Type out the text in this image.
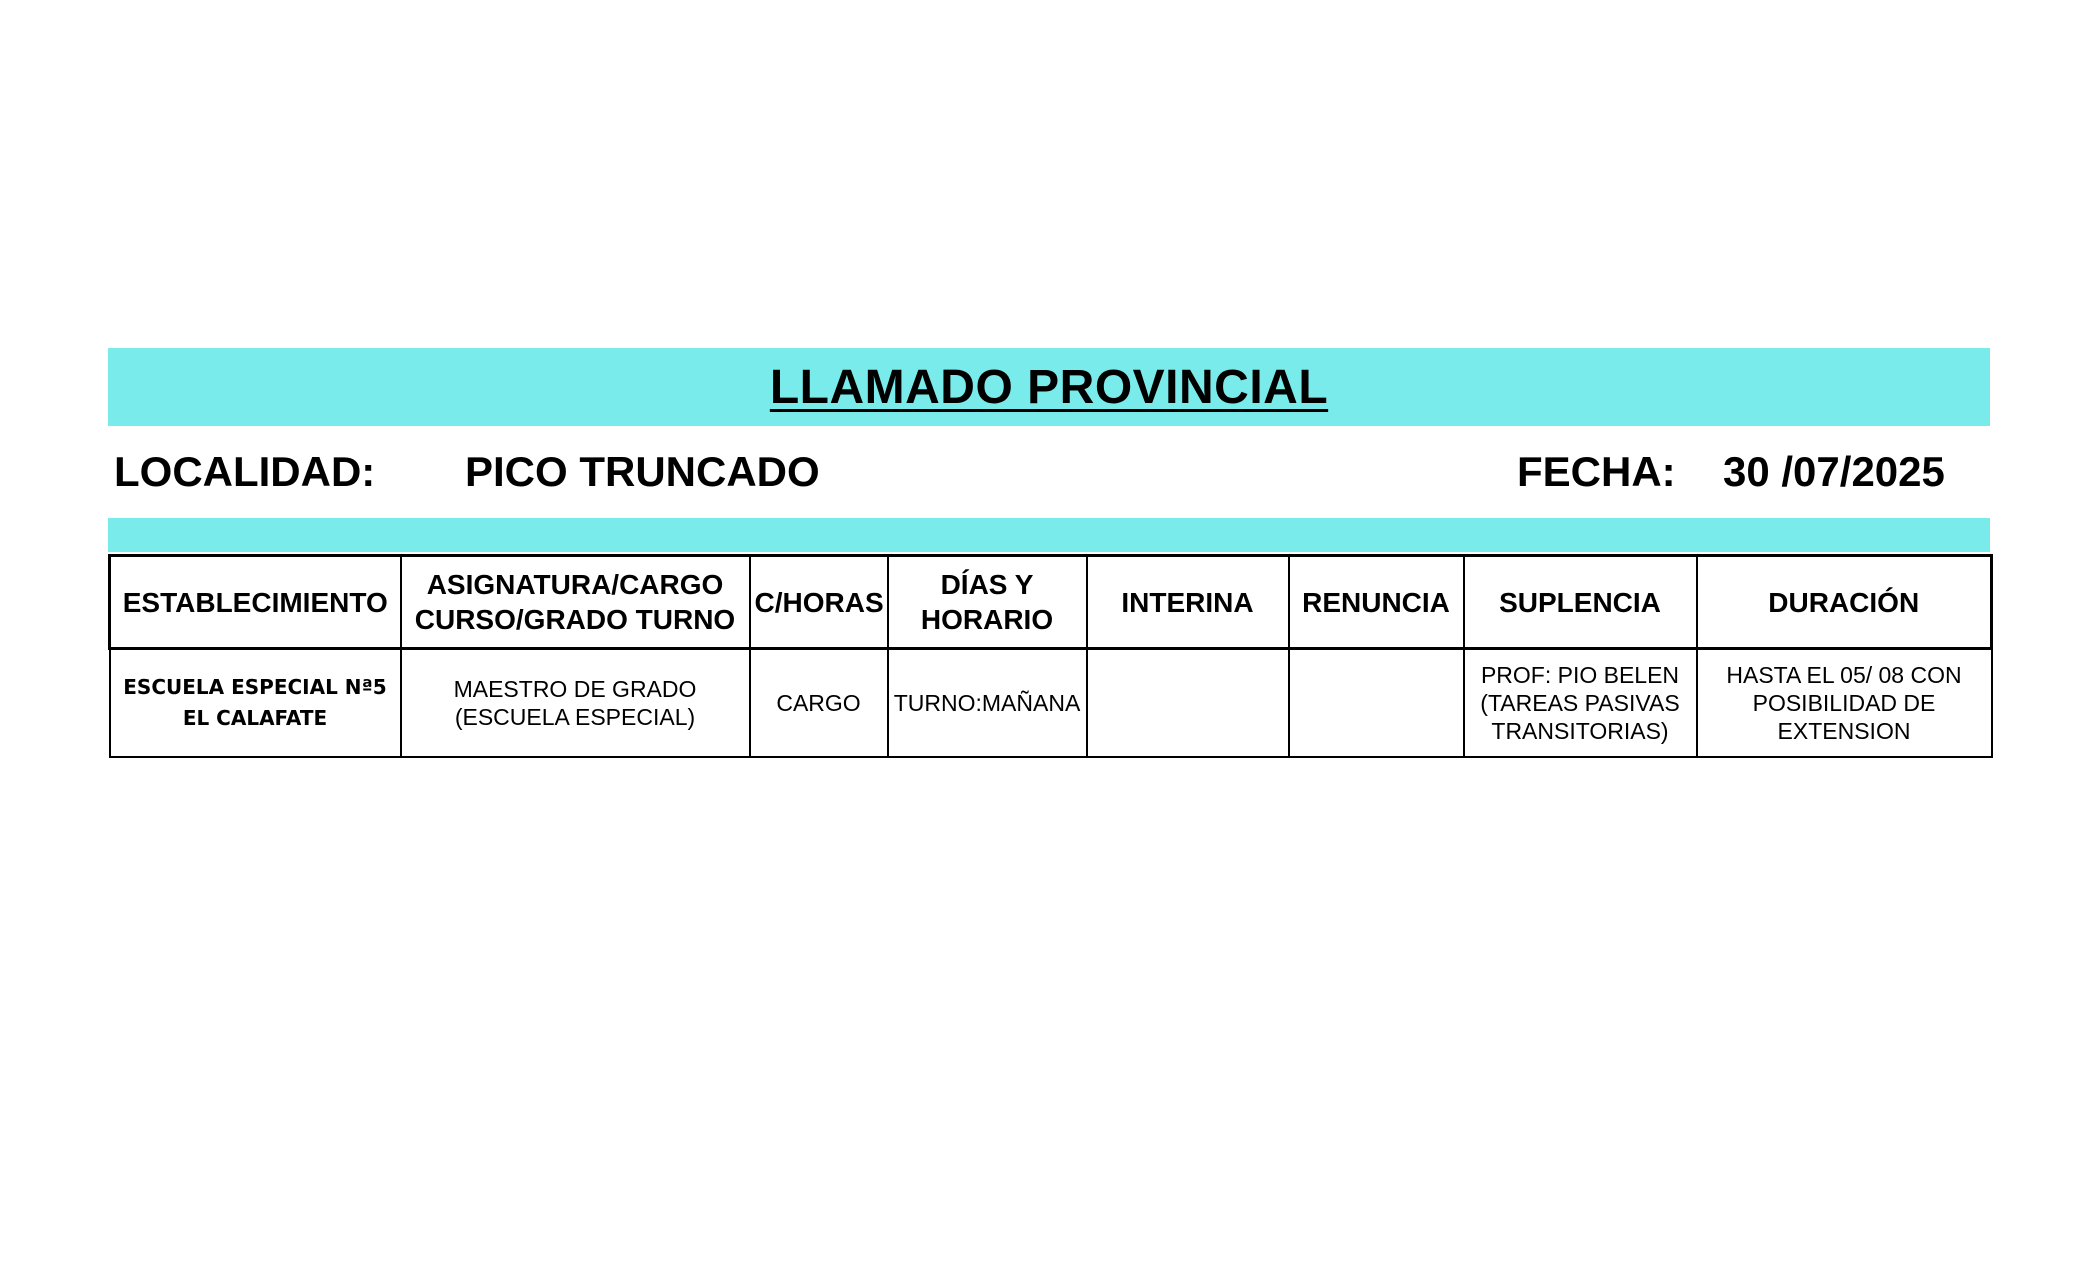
LLAMADO PROVINCIAL
LOCALIDAD: PICO TRUNCADO	FECHA: 30 /07/2025
ESTABLECIMIENTO	ASIGNATURA/CARGO CURSO/GRADO TURNO	C/HORAS	DÍAS Y HORARIO	INTERINA	RENUNCIA	SUPLENCIA	DURACIÓN
ESCUELA ESPECIAL Nª5 EL CALAFATE	MAESTRO DE GRADO (ESCUELA ESPECIAL)	CARGO	TURNO:MAÑANA			PROF: PIO BELEN (TAREAS PASIVAS TRANSITORIAS)	HASTA EL 05/ 08 CON POSIBILIDAD DE EXTENSION
